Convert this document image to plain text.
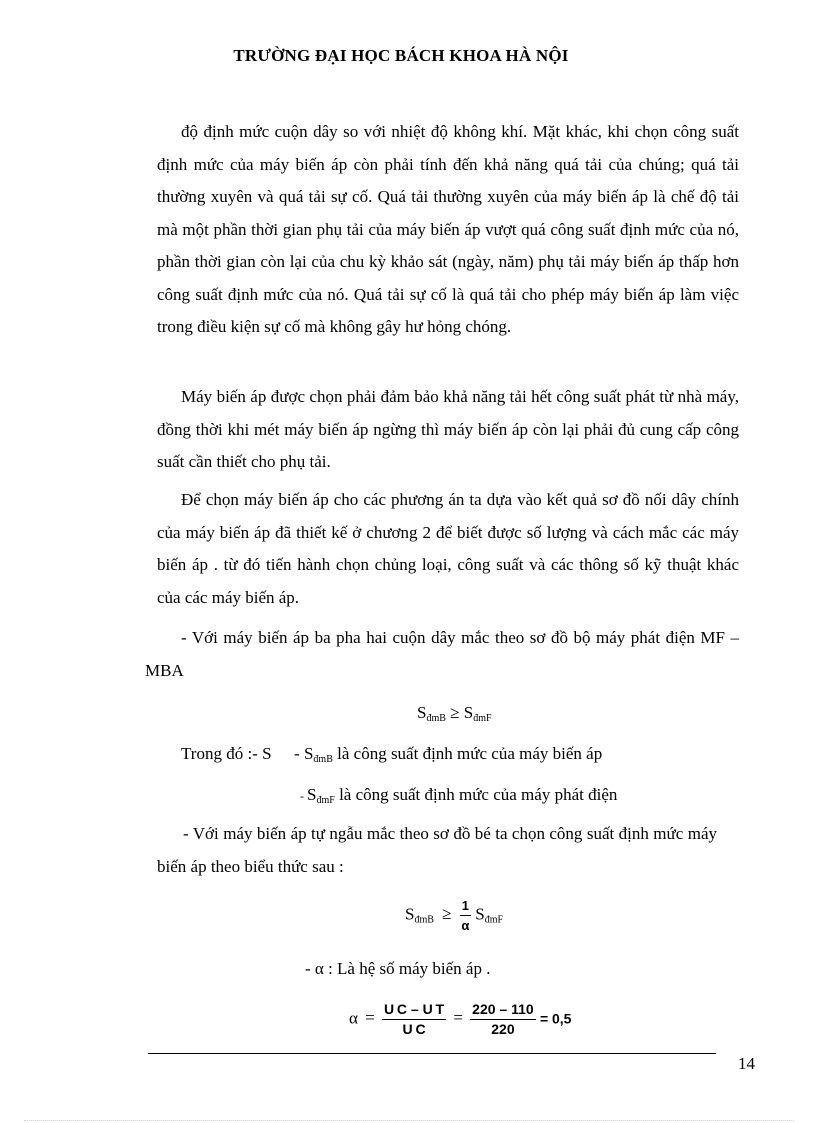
TRƯỜNG ĐẠI HỌC BÁCH KHOA HÀ NỘI
độ định mức cuộn dây so với nhiệt độ không khí. Mặt khác, khi chọn công suất định mức của máy biến áp còn phải tính đến khả năng quá tải của chúng; quá tải thường xuyên và quá tải sự cố. Quá tải thường xuyên của máy biến áp là chế độ tải mà một phần thời gian phụ tải của máy biến áp vượt quá công suất định mức của nó, phần thời gian còn lại của chu kỳ khảo sát (ngày, năm) phụ tải máy biến áp thấp hơn công suất định mức của nó. Quá tải sự cố là quá tải cho phép máy biến áp làm việc trong điều kiện sự cố mà không gây hư hỏng chóng.
Máy biến áp được chọn phải đảm bảo khả năng tải hết công suất phát từ nhà máy, đồng thời khi mét máy biến áp ngừng thì máy biến áp còn lại phải đủ cung cấp công suất cần thiết cho phụ tải.
Để chọn máy biến áp cho các phương án ta dựa vào kết quả sơ đồ nối dây chính của máy biến áp đã thiết kế ở chương 2 để biết được số lượng và cách mắc các máy biến áp . từ đó tiến hành chọn chủng loại, công suất và các thông số kỹ thuật khác của các máy biến áp.
- Với máy biến áp ba pha hai cuộn dây mắc theo sơ đồ bộ máy phát điện MF – MBA
$S_{đmB} \ge S_{đmF}$
Trong đó :- S - $S_{đmB}$ là công suất định mức của máy biến áp
- $S_{đmF}$ là công suất định mức của máy phát điện
- Với máy biến áp tự ngẫu mắc theo sơ đồ bé ta chọn công suất định mức máy biến áp theo biểu thức sau :
$S_{đmB} \ge \frac{1}{\alpha} S_{đmF}$
- α : Là hệ số máy biến áp .
$\alpha = \frac{\text{U C – U T}}{\text{U C}} = \frac{220 - 110}{220} = 0,5$
14
